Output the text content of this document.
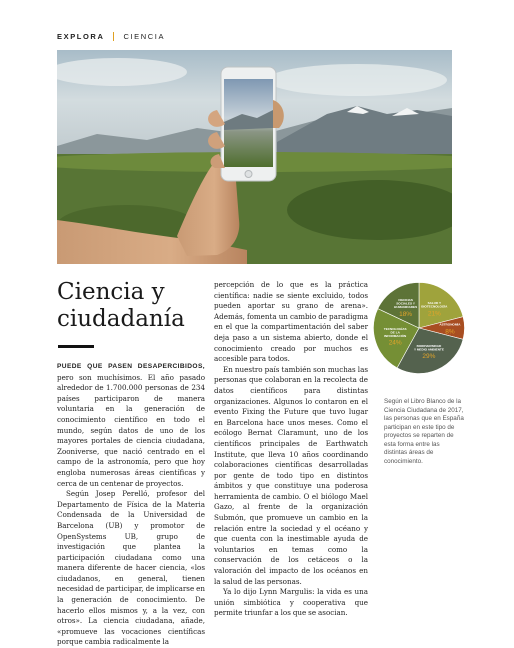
EXPLORA	CIENCIA
Ciencia y
ciudadanía

PUEDE QUE PASEN DESAPERCIBIDOS, pero son muchísimos. El año pasado alrededor de 1.700.000 personas de 234 países participaron de manera voluntaria en la generación de conocimiento científico en todo el mundo, según datos de uno de los mayores portales de ciencia ciudadana, Zooniverse, que nació centrado en el campo de la astronomía, pero que hoy engloba numerosas áreas científicas y cerca de un centenar de proyectos.

Según Josep Perelló, profesor del Departamento de Física de la Materia Condensada de la Universidad de Barcelona (UB) y promotor de OpenSystems UB, grupo de investigación que plantea la participación ciudadana como una manera diferente de hacer ciencia, «los ciudadanos, en general, tienen necesidad de participar, de implicarse en la generación de conocimiento. De hacerlo ellos mismos y, a la vez, con otros». La ciencia ciudadana, añade, «promueve las vocaciones científicas porque cambia radicalmente la

percepción de lo que es la práctica científica: nadie se siente excluido, todos pueden aportar su grano de arena». Además, fomenta un cambio de paradigma en el que la compartimentación del saber deja paso a un sistema abierto, donde el conocimiento creado por muchos es accesible para todos.

En nuestro país también son muchas las personas que colaboran en la recolecta de datos científicos para distintas organizaciones. Algunos lo contaron en el evento Fixing the Future que tuvo lugar en Barcelona hace unos meses. Como el ecólogo Bernat Claramunt, uno de los científicos principales de Earthwatch Institute, que lleva 10 años coordinando colaboraciones científicas desarrolladas por gente de todo tipo en distintos ámbitos y que constituye una poderosa herramienta de cambio. O el biólogo Mael Gazo, al frente de la organización Submón, que promueve un cambio en la relación entre la sociedad y el océano y que cuenta con la inestimable ayuda de voluntarios en temas como la conservación de los cetáceos o la valoración del impacto de los océanos en la salud de las personas.

Ya lo dijo Lynn Margulis: la vida es una unión simbiótica y cooperativa que permite triunfar a los que se asocian.

SALUD Y
BIOTECNOLOGÍA
21%
ASTRONOMÍA
8%
BIODIVERSIDAD
Y MEDIO AMBIENTE
29%
TECNOLOGÍAS
DE LA
INFORMACIÓN
24%
CIENCIAS
SOCIALES Y
HUMANIDADES
18%
Según el Libro Blanco de la Ciencia Ciudadana de 2017, las personas que en España participan en este tipo de proyectos se reparten de esta forma entre las distintas áreas de conocimiento.
